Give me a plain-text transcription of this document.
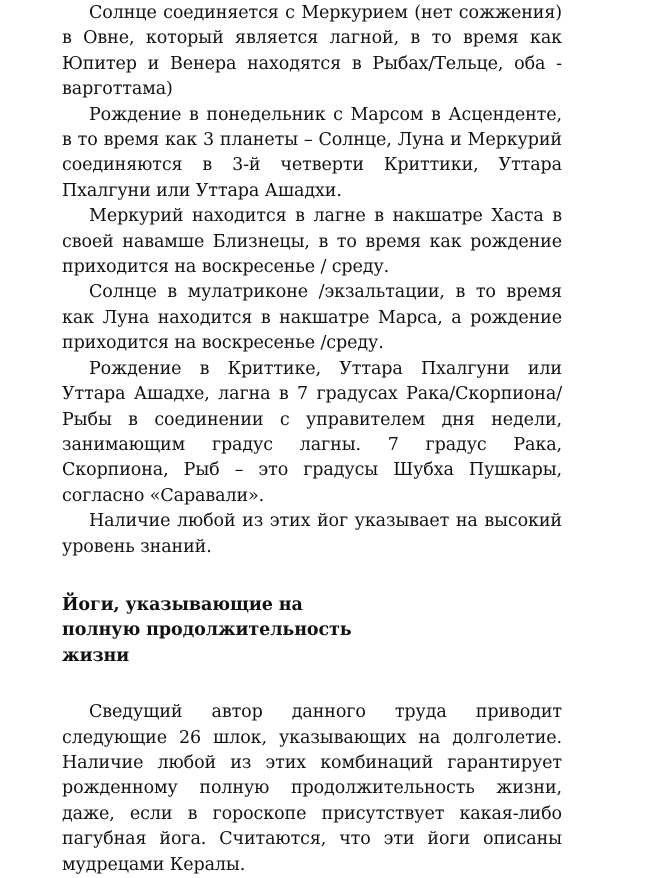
Солнце соединяется с Меркурием (нет сожжения) в Овне, который является лагной, в то время как Юпитер и Венера находятся в Рыбах/Тельце, оба - варготтама)

Рождение в понедельник с Марсом в Асценденте, в то время как 3 планеты – Солнце, Луна и Меркурий соединяются в 3-й четверти Криттики, Уттара Пхалгуни или Уттара Ашадхи.

Меркурий находится в лагне в накшатре Хаста в своей навамше Близнецы, в то время как рождение приходится на воскресенье / среду.

Солнце в мулатриконе /экзальтации, в то время как Луна находится в накшатре Марса, а рождение приходится на воскресенье /среду.

Рождение в Криттике, Уттара Пхалгуни или Уттара Ашадхе, лагна в 7 градусах Рака/Скорпиона/Рыбы в соединении с управителем дня недели, занимающим градус лагны. 7 градус Рака, Скорпиона, Рыб – это градусы Шубха Пушкары, согласно «Саравали».

Наличие любой из этих йог указывает на высокий уровень знаний.

Йоги, указывающие на полную продолжительность жизни

Сведущий автор данного труда приводит следующие 26 шлок, указывающих на долголетие. Наличие любой из этих комбинаций гарантирует рожденному полную продолжительность жизни, даже, если в гороскопе присутствует какая-либо пагубная йога. Считаются, что эти йоги описаны мудрецами Кералы.
